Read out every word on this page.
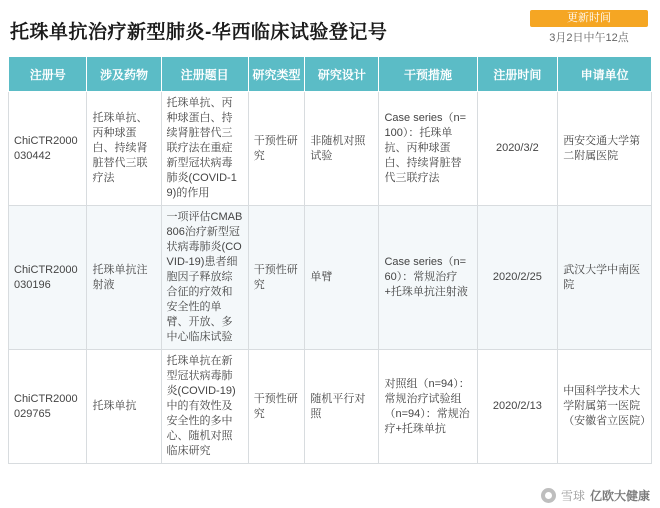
托珠单抗治疗新型肺炎-华西临床试验登记号
更新时间
3月2日中午12点
注册号	涉及药物	注册题目	研究类型	研究设计	干预措施	注册时间	申请单位
ChiCTR2000030442	托珠单抗、丙种球蛋白、持续肾脏替代三联疗法	托珠单抗、丙种球蛋白、持续肾脏替代三联疗法在重症新型冠状病毒肺炎(COVID-19)的作用	干预性研究	非随机对照试验	Case series（n=100）：托珠单抗、丙种球蛋白、持续肾脏替代三联疗法	2020/3/2	西安交通大学第二附属医院
ChiCTR2000030196	托珠单抗注射液	一项评估CMAB806治疗新型冠状病毒肺炎(COVID-19)患者细胞因子释放综合征的疗效和安全性的单臂、开放、多中心临床试验	干预性研究	单臂	Case series（n=60）：常规治疗+托珠单抗注射液	2020/2/25	武汉大学中南医院
ChiCTR2000029765	托珠单抗	托珠单抗在新型冠状病毒肺炎(COVID-19)中的有效性及安全性的多中心、随机对照临床研究	干预性研究	随机平行对照	对照组（n=94）：常规治疗试验组（n=94）：常规治疗+托珠单抗	2020/2/13	中国科学技术大学附属第一医院（安徽省立医院）
雪球 亿欧大健康
